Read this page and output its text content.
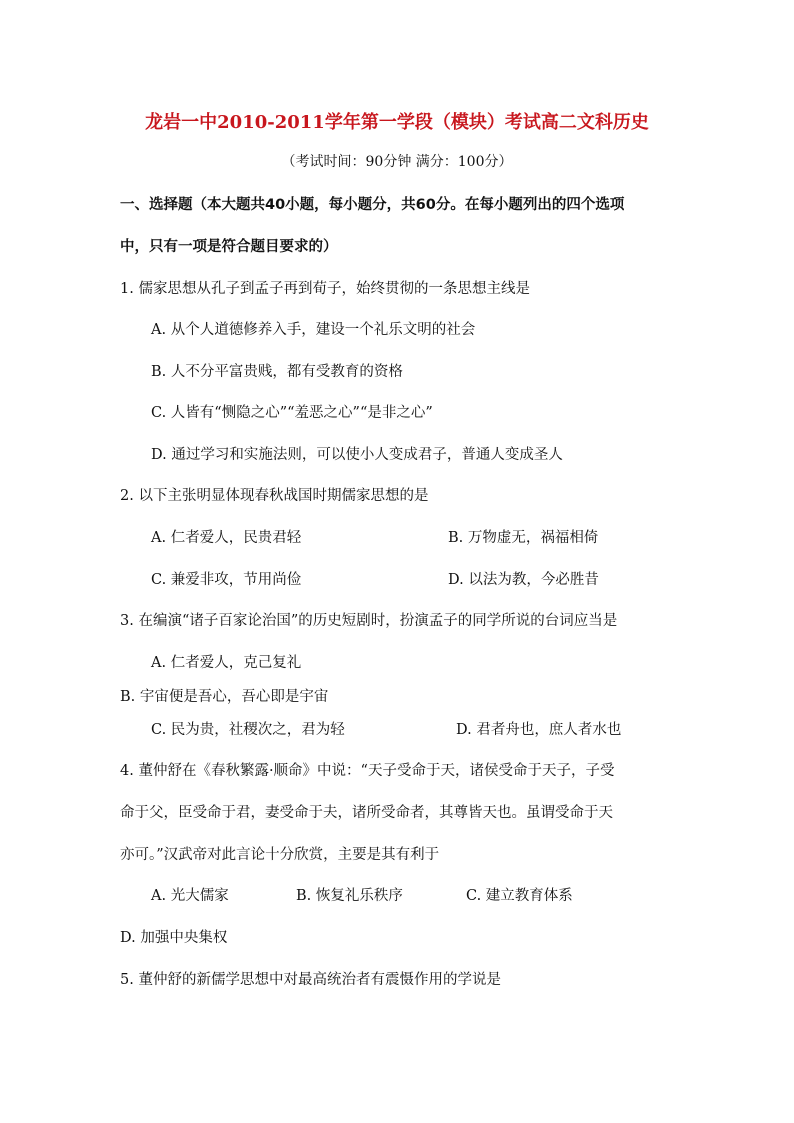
龙岩一中2010-2011学年第一学段（模块）考试高二文科历史
（考试时间：90分钟 满分：100分）
一、选择题（本大题共40小题，每小题分，共60分。在每小题列出的四个选项
中，只有一项是符合题目要求的）
1. 儒家思想从孔子到孟子再到荀子，始终贯彻的一条思想主线是
A. 从个人道德修养入手，建设一个礼乐文明的社会
B. 人不分平富贵贱，都有受教育的资格
C. 人皆有“恻隐之心”“羞恶之心”“是非之心”
D. 通过学习和实施法则，可以使小人变成君子，普通人变成圣人
2. 以下主张明显体现春秋战国时期儒家思想的是
A. 仁者爱人，民贵君轻	B. 万物虚无，祸福相倚
C. 兼爱非攻，节用尚俭	D. 以法为教，今必胜昔
3. 在编演“诸子百家论治国”的历史短剧时，扮演孟子的同学所说的台词应当是
A. 仁者爱人，克己复礼
B. 宇宙便是吾心，吾心即是宇宙
C. 民为贵，社稷次之，君为轻	D. 君者舟也，庶人者水也
4. 董仲舒在《春秋繁露·顺命》中说：“天子受命于天，诸侯受命于天子，子受
命于父，臣受命于君，妻受命于夫，诸所受命者，其尊皆天也。虽谓受命于天
亦可。”汉武帝对此言论十分欣赏，主要是其有利于
A. 光大儒家	B. 恢复礼乐秩序	C. 建立教育体系
D. 加强中央集权
5. 董仲舒的新儒学思想中对最高统治者有震慑作用的学说是
